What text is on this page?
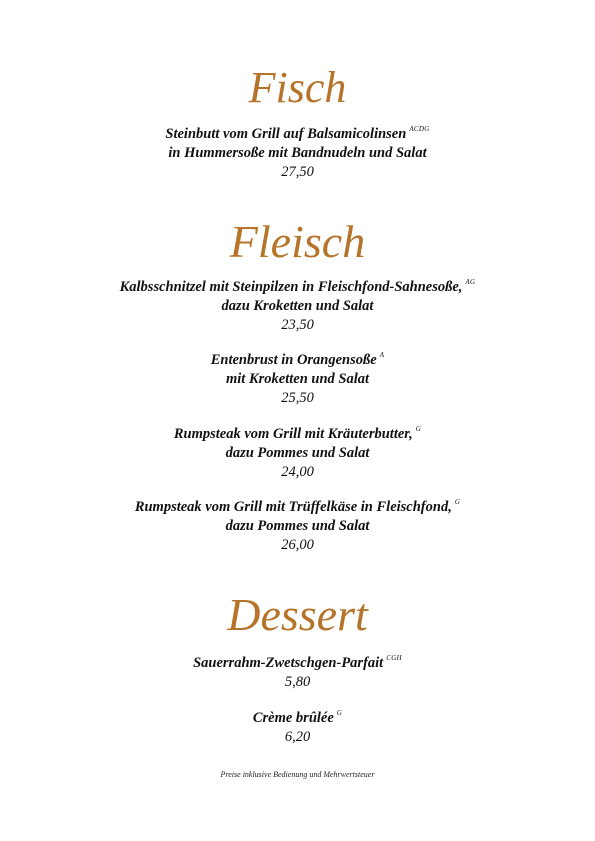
Fisch
Steinbutt vom Grill auf Balsamicolinsen $^{ACDG}$
in Hummersoße mit Bandnudeln und Salat
27,50
Fleisch
Kalbsschnitzel mit Steinpilzen in Fleischfond-Sahnesoße, $^{AG}$
dazu Kroketten und Salat
23,50
Entenbrust in Orangensoße $^A$
mit Kroketten und Salat
25,50
Rumpsteak vom Grill mit Kräuterbutter, $^G$
dazu Pommes und Salat
24,00
Rumpsteak vom Grill mit Trüffelkäse in Fleischfond, $^G$
dazu Pommes und Salat
26,00
Dessert
Sauerrahm-Zwetschgen-Parfait $^{CGH}$
5,80
Crème brûlée $^G$
6,20
Preise inklusive Bedienung und Mehrwertsteuer
